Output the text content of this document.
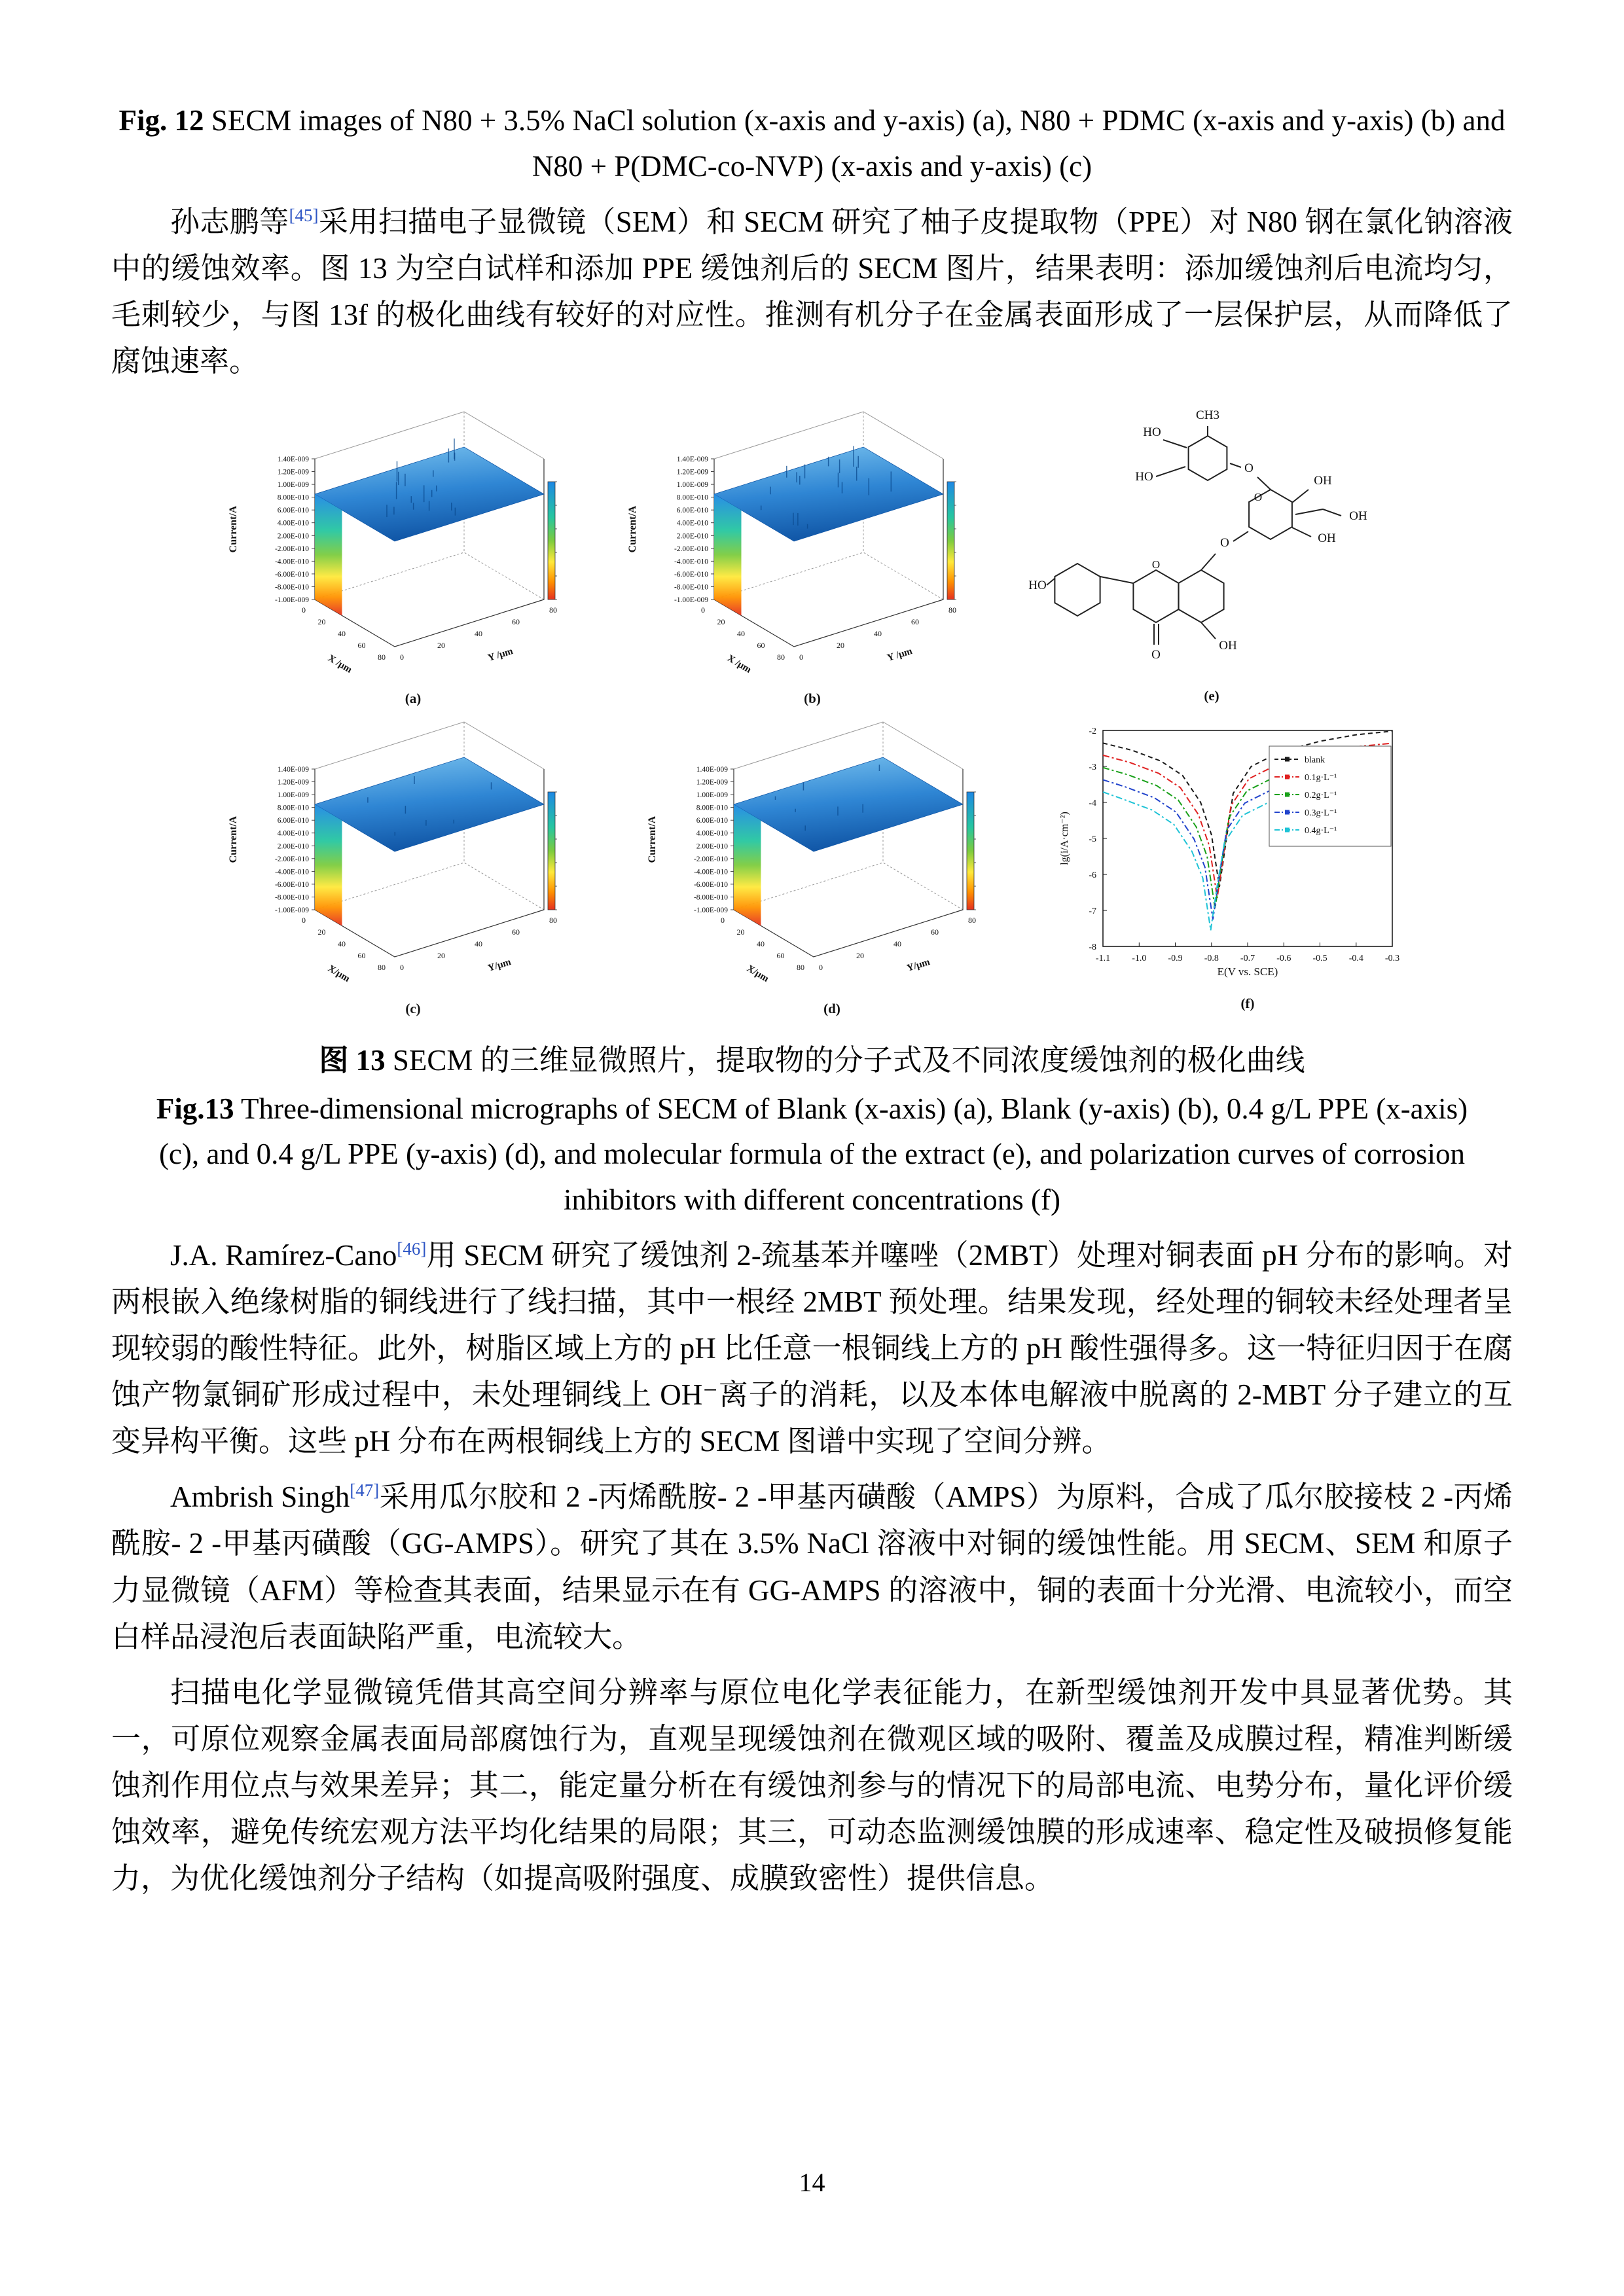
Fig. 12 SECM images of N80 + 3.5% NaCl solution (x-axis and y-axis) (a), N80 + PDMC (x-axis and y-axis) (b) and N80 + P(DMC-co-NVP) (x-axis and y-axis) (c)

孙志鹏等[45]采用扫描电子显微镜（SEM）和 SECM 研究了柚子皮提取物（PPE）对 N80 钢在氯化钠溶液中的缓蚀效率。图 13 为空白试样和添加 PPE 缓蚀剂后的 SECM 图片，结果表明：添加缓蚀剂后电流均匀，毛刺较少，与图 13f 的极化曲线有较好的对应性。推测有机分子在金属表面形成了一层保护层，从而降低了腐蚀速率。

1.40E-009
1.20E-009
1.00E-009
8.00E-010
6.00E-010
4.00E-010
2.00E-010
-2.00E-010
-4.00E-010
-6.00E-010
-8.00E-010
-1.00E-009
0
20
40
60
80 0
20
40
60
80
Current/A
X /μm	Y /μm
(a)
1.40E-009
1.20E-009
1.00E-009
8.00E-010
6.00E-010
4.00E-010
2.00E-010
-2.00E-010
-4.00E-010
-6.00E-010
-8.00E-010
-1.00E-009
0
20
40
60
80 0
20
40
60
80
Current/A
X /μm	Y /μm
(b)
HO
O
O
OH
O
O
OH
OH
OH
O
CH3
HO
HO
(e)
1.40E-009
1.20E-009
1.00E-009
8.00E-010
6.00E-010
4.00E-010
2.00E-010
-2.00E-010
-4.00E-010
-6.00E-010
-8.00E-010
-1.00E-009
0
20
40
60
80 0
20
40
60
80
Current/A
X/μm	Y/μm
(c)
1.40E-009
1.20E-009
1.00E-009
8.00E-010
6.00E-010
4.00E-010
2.00E-010
-2.00E-010
-4.00E-010
-6.00E-010
-8.00E-010
-1.00E-009
0
20
40
60
80 0
20
40
60
80
Current/A
X/μm	Y/μm
(d)
-1.1 -1.0 -0.9 -0.8 -0.7 -0.6 -0.5 -0.4 -0.3
-2
-3
-4
-5
-6
-7
-8
blank
0.1g·L⁻¹
0.2g·L⁻¹
0.3g·L⁻¹
0.4g·L⁻¹
E(V vs. SCE)
lg(i/A·cm⁻²)
(f)
图 13 SECM 的三维显微照片，提取物的分子式及不同浓度缓蚀剂的极化曲线
Fig.13 Three-dimensional micrographs of SECM of Blank (x-axis) (a), Blank (y-axis) (b), 0.4 g/L PPE (x-axis) (c), and 0.4 g/L PPE (y-axis) (d), and molecular formula of the extract (e), and polarization curves of corrosion inhibitors with different concentrations (f)

J.A. Ramírez-Cano[46]用 SECM 研究了缓蚀剂 2-巯基苯并噻唑（2MBT）处理对铜表面 pH 分布的影响。对两根嵌入绝缘树脂的铜线进行了线扫描，其中一根经 2MBT 预处理。结果发现，经处理的铜较未经处理者呈现较弱的酸性特征。此外，树脂区域上方的 pH 比任意一根铜线上方的 pH 酸性强得多。这一特征归因于在腐蚀产物氯铜矿形成过程中，未处理铜线上 OH⁻离子的消耗，以及本体电解液中脱离的 2-MBT 分子建立的互变异构平衡。这些 pH 分布在两根铜线上方的 SECM 图谱中实现了空间分辨。

Ambrish Singh[47]采用瓜尔胶和 2 -丙烯酰胺- 2 -甲基丙磺酸（AMPS）为原料，合成了瓜尔胶接枝 2 -丙烯酰胺- 2 -甲基丙磺酸（GG-AMPS）。研究了其在 3.5% NaCl 溶液中对铜的缓蚀性能。用 SECM、SEM 和原子力显微镜（AFM）等检查其表面，结果显示在有 GG-AMPS 的溶液中，铜的表面十分光滑、电流较小，而空白样品浸泡后表面缺陷严重，电流较大。

扫描电化学显微镜凭借其高空间分辨率与原位电化学表征能力，在新型缓蚀剂开发中具显著优势。其一，可原位观察金属表面局部腐蚀行为，直观呈现缓蚀剂在微观区域的吸附、覆盖及成膜过程，精准判断缓蚀剂作用位点与效果差异；其二，能定量分析在有缓蚀剂参与的情况下的局部电流、电势分布，量化评价缓蚀效率，避免传统宏观方法平均化结果的局限；其三，可动态监测缓蚀膜的形成速率、稳定性及破损修复能力，为优化缓蚀剂分子结构（如提高吸附强度、成膜致密性）提供信息。

14
